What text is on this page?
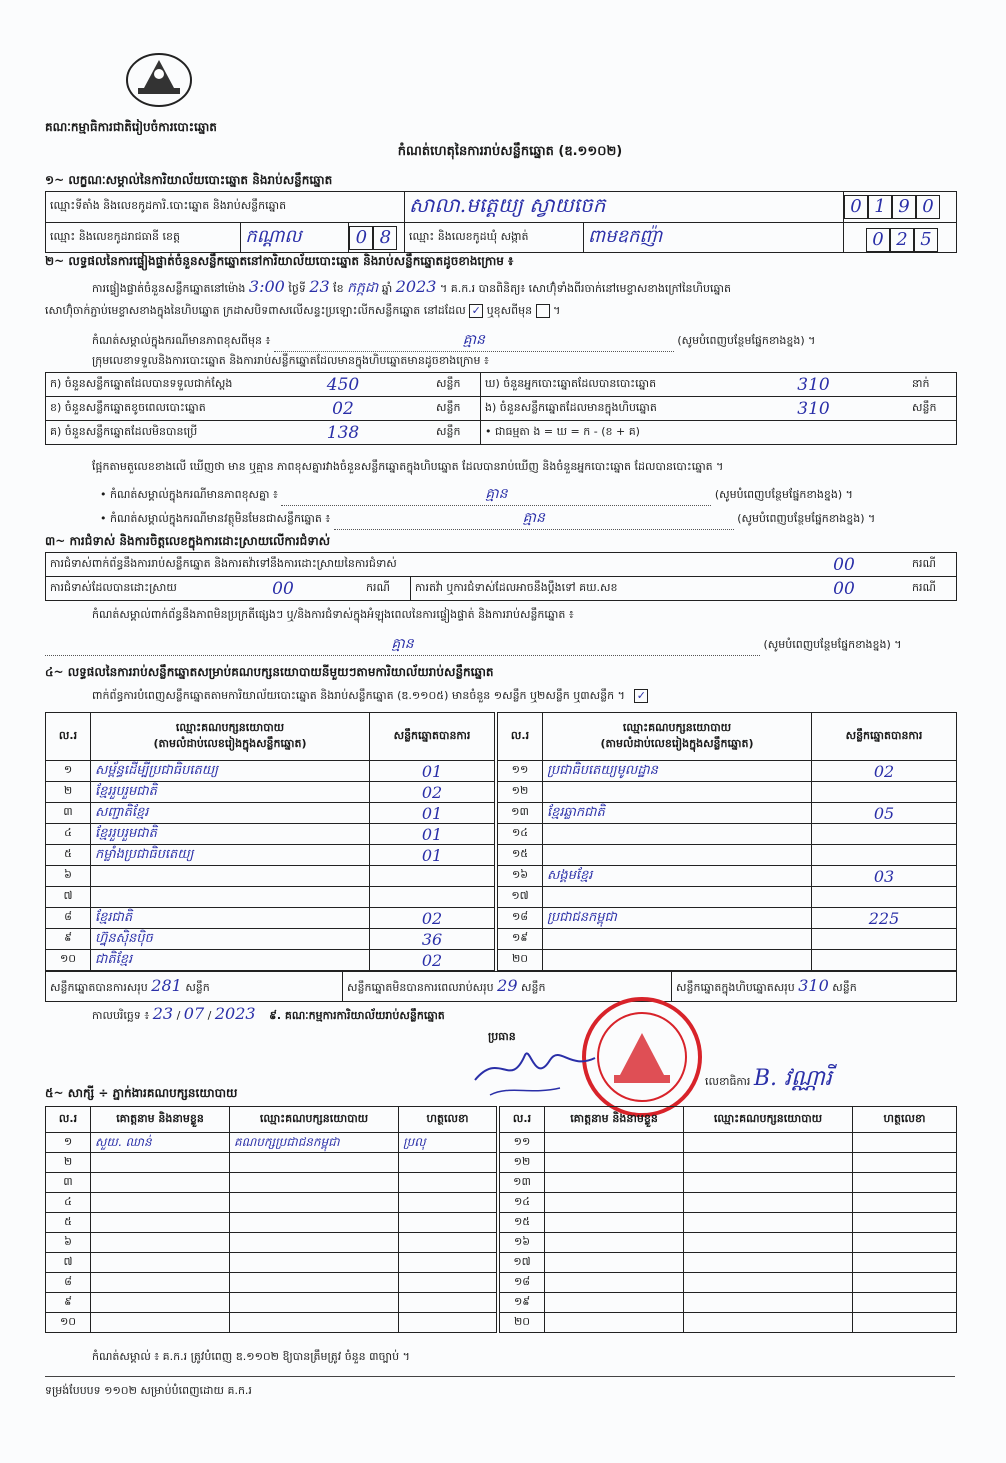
គណៈកម្មាធិការជាតិរៀបចំការបោះឆ្នោត
កំណត់ហេតុនៃការរាប់សន្លឹកឆ្នោត (ឌ.១១០២)
១~ លក្ខណៈសម្គាល់នៃការិយាល័យបោះឆ្នោត និងរាប់សន្លឹកឆ្នោត
ឈ្មោះទីតាំង និងលេខកូដការិ.បោះឆ្នោត និងរាប់សន្លឹកឆ្នោត			សាលា.មត្តេយ្យ ស្វាយចេក		0 1 9 0
ឈ្មោះ និងលេខកូដរាជធានី ខេត្ត	កណ្ដាល	0 8	ឈ្មោះ និងលេខកូដឃុំ សង្កាត់	ពាមឧកញ៉ា	0 2 5
២~ លទ្ធផលនៃការផ្ទៀងផ្ទាត់ចំនួនសន្លឹកឆ្នោតនៅការិយាល័យបោះឆ្នោត និងរាប់សន្លឹកឆ្នោតដូចខាងក្រោម ៖
ការផ្ទៀងផ្ទាត់ចំនួនសន្លឹកឆ្នោតនៅម៉ោង 3:00 ថ្ងៃទី 23 ខែ កក្កដា ឆ្នាំ 2023 ។ គ.ក.រ បានពិនិត្យ៖ សោហ៊ុំទាំងពីរចាក់នៅមេខ្ទាសខាងក្រៅនៃហិបឆ្នោត
សោហ៊ុំចាក់ភ្ជាប់មេខ្ទាសខាងក្នុងនៃហិបឆ្នោត ក្រដាសបិទពាសលើសន្ទះប្រឡោះលីកសន្លឹកឆ្នោត នៅដដែល ✓ ឬខុសពីមុន  ។
កំណត់សម្គាល់ក្នុងករណីមានភាពខុសពីមុន ៖	គ្មាន	(សូមបំពេញបន្ថែមផ្នែកខាងខ្នង) ។
ក្រុមលេខាទទួលនិងការបោះឆ្នោត និងការរាប់សន្លឹកឆ្នោតដែលមានក្នុងហិបឆ្នោតមានដូចខាងក្រោម ៖
ក) ចំនួនសន្លឹកឆ្នោតដែលបានទទួលជាក់ស្តែង	450	សន្លឹក	ឃ) ចំនួនអ្នកបោះឆ្នោតដែលបានបោះឆ្នោត	310	នាក់
ខ) ចំនួនសន្លឹកឆ្នោតខូចពេលបោះឆ្នោត	02	សន្លឹក	ង) ចំនួនសន្លឹកឆ្នោតដែលមានក្នុងហិបឆ្នោត	310	សន្លឹក
គ) ចំនួនសន្លឹកឆ្នោតដែលមិនបានប្រើ	138	សន្លឹក	• ជាធម្មតា ង = ឃ = ក - (ខ + គ)		
ផ្អែកតាមតួលេខខាងលើ ឃើញថា មាន ឬគ្មាន ភាពខុសគ្នារវាងចំនួនសន្លឹកឆ្នោតក្នុងហិបឆ្នោត ដែលបានរាប់ឃើញ និងចំនួនអ្នកបោះឆ្នោត ដែលបានបោះឆ្នោត ។
• កំណត់សម្គាល់ក្នុងករណីមានភាពខុសគ្នា ៖	គ្មាន	(សូមបំពេញបន្ថែមផ្នែកខាងខ្នង) ។
• កំណត់សម្គាល់ក្នុងករណីមានវត្ថុមិនមែនជាសន្លឹកឆ្នោត ៖	គ្មាន	(សូមបំពេញបន្ថែមផ្នែកខាងខ្នង) ។
៣~ ការជំទាស់ និងការចិត្តលេខក្នុងការដោះស្រាយលើការជំទាស់
ការជំទាស់ពាក់ព័ន្ធនឹងការរាប់សន្លឹកឆ្នោត និងការតវ៉ាទៅនឹងការដោះស្រាយនៃការជំទាស់				00	ករណី
ការជំទាស់ដែលបានដោះស្រាយ	00	ករណី	ការតវ៉ា ឬការជំទាស់ដែលអាចនឹងប្តឹងទៅ គឃ.សខ	00	ករណី
កំណត់សម្គាល់ពាក់ព័ន្ធនឹងភាពមិនប្រក្រតីផ្សេងៗ ឬ/និងការជំទាស់ក្នុងអំឡុងពេលនៃការផ្ទៀងផ្ទាត់ និងការរាប់សន្លឹកឆ្នោត ៖
គ្មាន	(សូមបំពេញបន្ថែមផ្នែកខាងខ្នង) ។
៤~ លទ្ធផលនៃការរាប់សន្លឹកឆ្នោតសម្រាប់គណបក្សនយោបាយនីមួយៗតាមការិយាល័យរាប់សន្លឹកឆ្នោត
ពាក់ព័ន្ធការបំពេញសន្លឹកឆ្នោតតាមការិយាល័យបោះឆ្នោត និងរាប់សន្លឹកឆ្នោត (ឌ.១១០៥) មានចំនួន ១សន្លឹក ឬ២សន្លឹក ឬ៣សន្លឹក ។ ✓
ល.រ	ឈ្មោះគណបក្សនយោបាយ
(តាមលំដាប់លេខរៀងក្នុងសន្លឹកឆ្នោត)	សន្លឹកឆ្នោតបានការ
១	សម្ព័ន្ធដើម្បីប្រជាធិបតេយ្យ	01
២	ខ្មែររួបរួមជាតិ	02
៣	សញ្ជាតិខ្មែរ	01
៤	ខ្មែររួបរួមជាតិ	01
៥	កម្លាំងប្រជាធិបតេយ្យ	01
៦		
៧		
៨	ខ្មែរជាតិ	02
៩	ហ្វ៊ុនស៊ិនប៉ិច	36
១០	ជាតិខ្មែរ	02
ល.រ	ឈ្មោះគណបក្សនយោបាយ
(តាមលំដាប់លេខរៀងក្នុងសន្លឹកឆ្នោត)	សន្លឹកឆ្នោតបានការ
១១	ប្រជាធិបតេយ្យមូលដ្ឋាន	02
១២		
១៣	ខ្មែរឆ្លាកជាតិ	05
១៤		
១៥		
១៦	សង្គមខ្មែរ	03
១៧		
១៨	ប្រជាជនកម្ពុជា	225
១៩		
២០		
សន្លឹកឆ្នោតបានការសរុប 281 សន្លឹក	សន្លឹកឆ្នោតមិនបានការពេលរាប់សរុប 29 សន្លឹក	សន្លឹកឆ្នោតក្នុងហិបឆ្នោតសរុប 310 សន្លឹក
កាលបរិច្ឆេទ ៖ 23 / 07 / 2023 ៩. គណៈកម្មការការិយាល័យរាប់សន្លឹកឆ្នោត
ប្រធាន
លេខាធិការ B. វណ្ណារី
៥~ សាក្សី ÷ ភ្នាក់ងារគណបក្សនយោបាយ
ល.រ	គោត្តនាម និងនាមខ្លួន	ឈ្មោះគណបក្សនយោបាយ	ហត្ថលេខា
១	សួយ. ឈាន់	គណបក្សប្រជាជនកម្ពុជា	ប្រលុ
២			
៣			
៤			
៥			
៦			
៧			
៨			
៩			
១០			
ល.រ	គោត្តនាម និងនាមខ្លួន	ឈ្មោះគណបក្សនយោបាយ	ហត្ថលេខា
១១			
១២			
១៣			
១៤			
១៥			
១៦			
១៧			
១៨			
១៩			
២០			
កំណត់សម្គាល់ ៖ គ.ក.រ ត្រូវបំពេញ ឌ.១១០២ ឱ្យបានត្រឹមត្រូវ ចំនួន ៣ច្បាប់ ។
ទម្រង់បែបបទ ១១០២ សម្រាប់បំពេញដោយ គ.ក.រ
